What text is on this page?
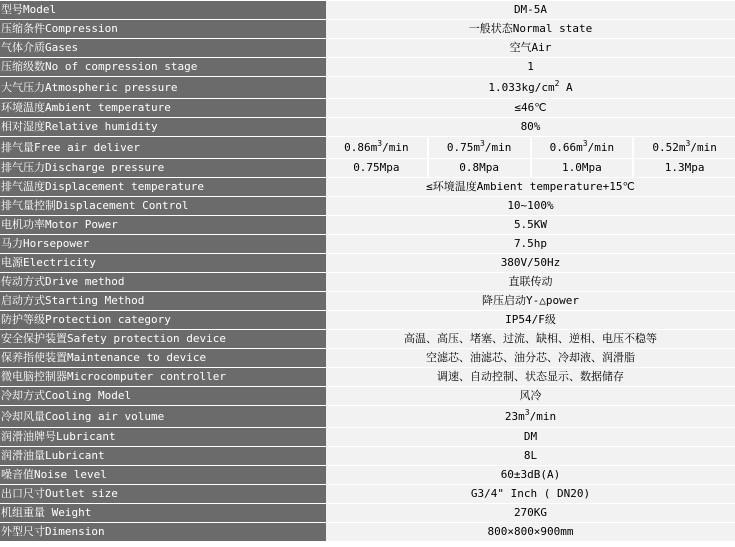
型号Model	DM-5A
压缩条件Compression	一般状态Normal state
气体介质Gases	空气Air
压缩级数No of compression stage	1
大气压力Atmospheric pressure	$1.033kg/cm^2$ A
环境温度Ambient temperature	≤46℃
相对湿度Relative humidity	80%
排气量Free air deliver	$0.86m^3/\min$ $0.75m^3/\min$ $0.66m^3/\min$ $0.52m^3/\min$

排气压力Discharge pressure	0.75Mpa 0.8Mpa 1.0Mpa 1.3Mpa

排气温度Displacement temperature	≤环境温度Ambient temperature+15℃
排气量控制Displacement Control	10~100%
电机功率Motor Power	5.5KW
马力Horsepower	7.5hp
电源Electricity	380V/50Hz
传动方式Drive method	直联传动
启动方式Starting Method	降压启动Y-△power
防护等级Protection category	IP54/F级
安全保护装置Safety protection device	高温、高压、堵塞、过流、缺相、逆相、电压不稳等
保养指使装置Maintenance to device	空滤芯、油滤芯、油分芯、冷却液、润滑脂
微电脑控制器Microcomputer controller	调速、自动控制、状态显示、数据储存
冷却方式Cooling Model	风冷
冷却风量Cooling air volume	$23m^3/\min$
润滑油牌号Lubricant	DM
润滑油量Lubricant	8L
噪音值Noise level	60±3dB(A)
出口尺寸Outlet size	G3/4" Inch ( DN20)
机组重量 Weight	270KG
外型尺寸Dimension	800×800×900mm
